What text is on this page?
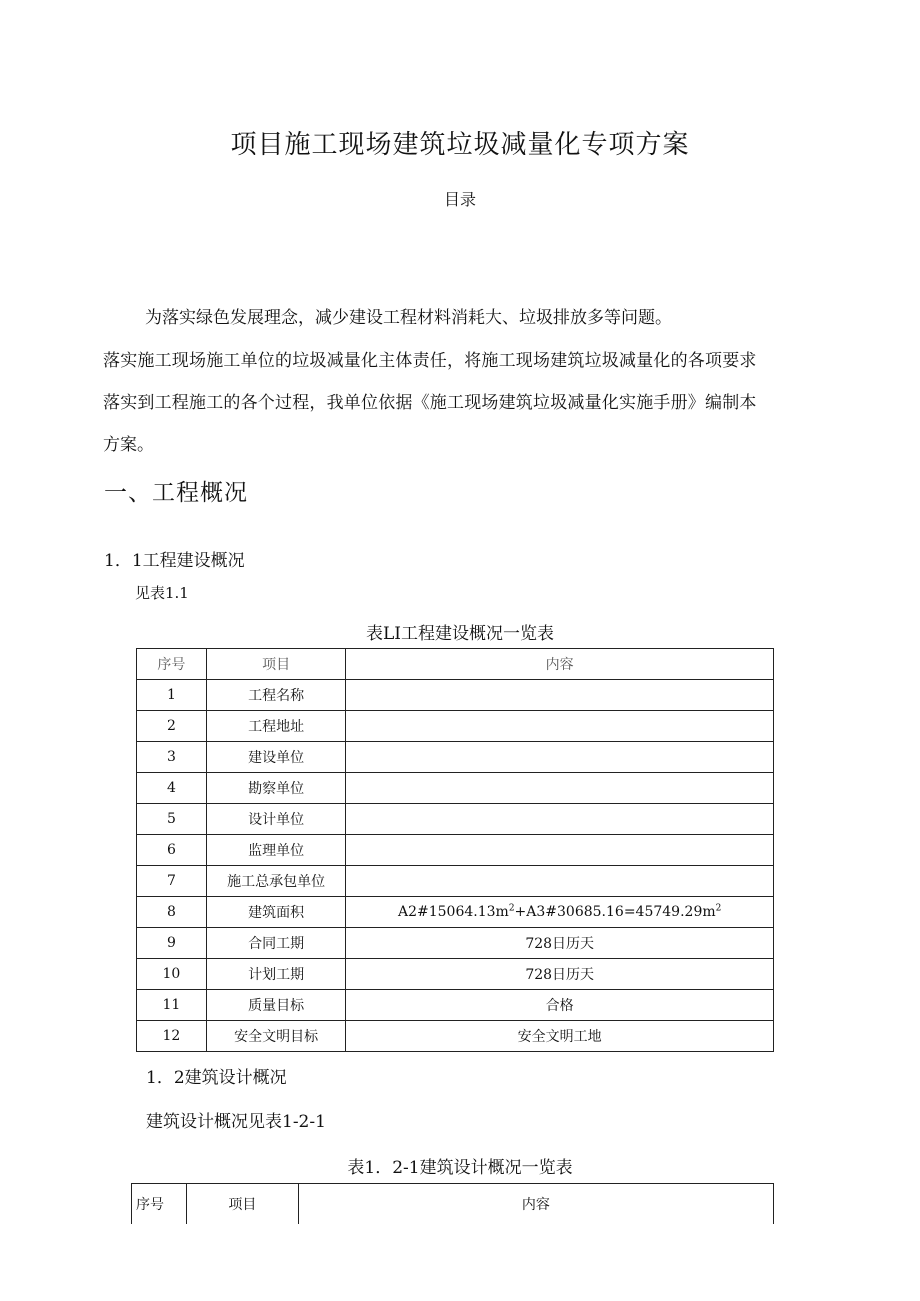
项目施工现场建筑垃圾减量化专项方案
目录
为落实绿色发展理念，减少建设工程材料消耗大、垃圾排放多等问题。
落实施工现场施工单位的垃圾减量化主体责任，将施工现场建筑垃圾减量化的各项要求
落实到工程施工的各个过程，我单位依据《施工现场建筑垃圾减量化实施手册》编制本
方案。
一、工程概况
1．1工程建设概况
见表1.1
表LI工程建设概况一览表
序号	项目	内容
1	工程名称	
2	工程地址	
3	建设单位	
4	勘察单位	
5	设计单位	
6	监理单位	
7	施工总承包单位	
8	建筑面积	$A2\#15064.13m^2+A3\#30685.16=45749.29m^2$
9	合同工期	728日历天
10	计划工期	728日历天
11	质量目标	合格
12	安全文明目标	安全文明工地
1．2建筑设计概况
建筑设计概况见表1-2-1
表1．2-1建筑设计概况一览表
序号	项目	内容
